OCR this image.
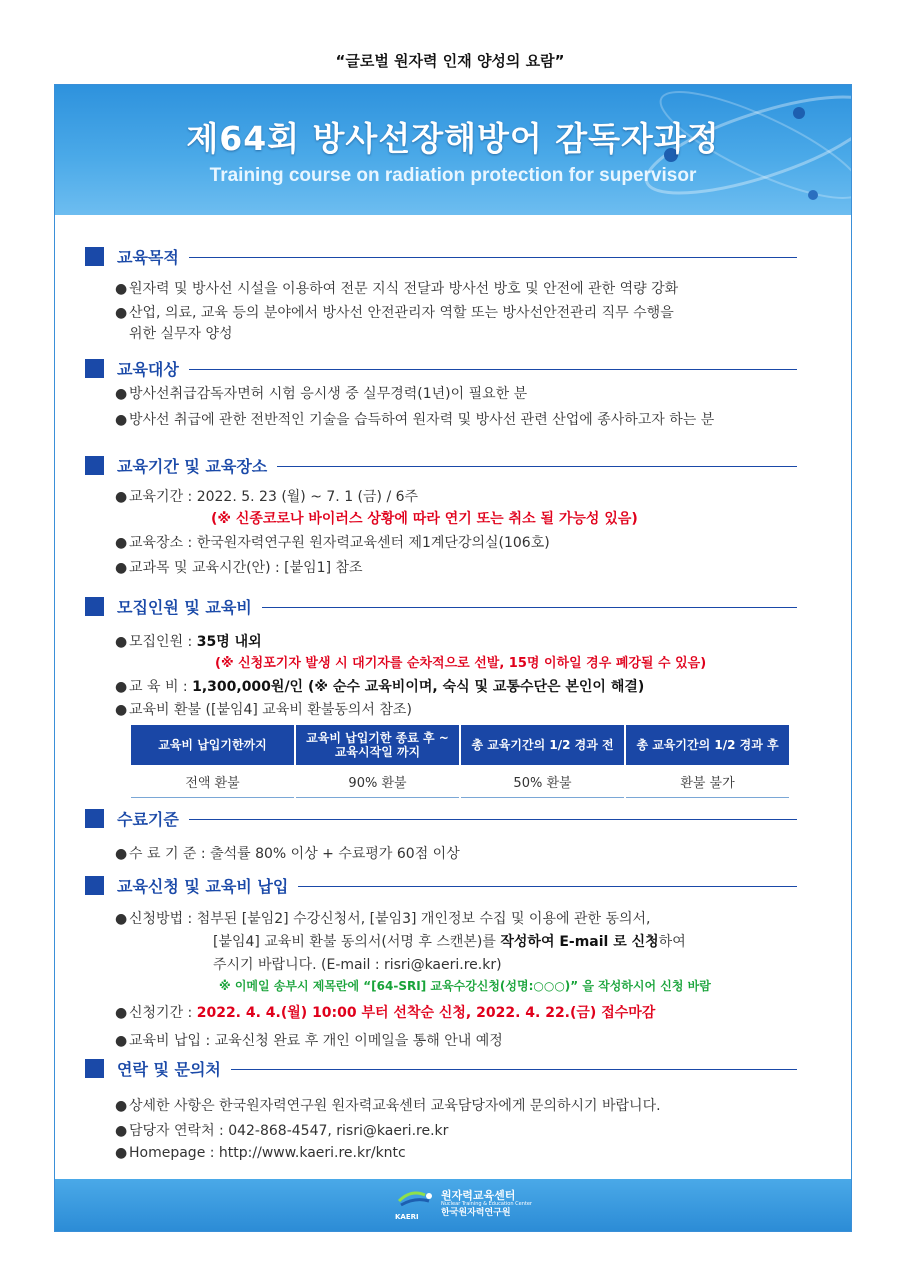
“글로벌 원자력 인재 양성의 요람”
제64회 방사선장해방어 감독자과정
Training course on radiation protection for supervisor
교육목적
● 원자력 및 방사선 시설을 이용하여 전문 지식 전달과 방사선 방호 및 안전에 관한 역량 강화
● 산업, 의료, 교육 등의 분야에서 방사선 안전관리자 역할 또는 방사선안전관리 직무 수행을
위한 실무자 양성
교육대상
● 방사선취급감독자면허 시험 응시생 중 실무경력(1년)이 필요한 분
● 방사선 취급에 관한 전반적인 기술을 습득하여 원자력 및 방사선 관련 산업에 종사하고자 하는 분
교육기간 및 교육장소
● 교육기간 : 2022. 5. 23 (월) ~ 7. 1 (금) / 6주
(※ 신종코로나 바이러스 상황에 따라 연기 또는 취소 될 가능성 있음)
● 교육장소 : 한국원자력연구원 원자력교육센터 제1계단강의실(106호)
● 교과목 및 교육시간(안) : [붙임1] 참조
모집인원 및 교육비
● 모집인원 : 35명 내외
(※ 신청포기자 발생 시 대기자를 순차적으로 선발, 15명 이하일 경우 폐강될 수 있음)
● 교 육 비 : 1,300,000원/인 (※ 순수 교육비이며, 숙식 및 교통수단은 본인이 해결)
● 교육비 환불 ([붙임4] 교육비 환불동의서 참조)
교육비 납입기한까지	교육비 납입기한 종료 후 ~ 교육시작일 까지	총 교육기간의 1/2 경과 전	총 교육기간의 1/2 경과 후
전액 환불	90% 환불	50% 환불	환불 불가
수료기준
● 수 료 기 준 : 출석률 80% 이상 + 수료평가 60점 이상
교육신청 및 교육비 납입
● 신청방법 : 첨부된 [붙임2] 수강신청서, [붙임3] 개인정보 수집 및 이용에 관한 동의서,
[붙임4] 교육비 환불 동의서(서명 후 스캔본)를 작성하여 E-mail 로 신청하여
주시기 바랍니다. (E-mail : risri@kaeri.re.kr)
※ 이메일 송부시 제목란에 “[64-SRI] 교육수강신청(성명:○○○)” 을 작성하시어 신청 바람
● 신청기간 : 2022. 4. 4.(월) 10:00 부터 선착순 신청, 2022. 4. 22.(금) 접수마감
● 교육비 납입 : 교육신청 완료 후 개인 이메일을 통해 안내 예정
연락 및 문의처
● 상세한 사항은 한국원자력연구원 원자력교육센터 교육담당자에게 문의하시기 바랍니다.
● 담당자 연락처 : 042-868-4547, risri@kaeri.re.kr
● Homepage : http://www.kaeri.re.kr/kntc
KAERI
원자력교육센터
Nuclear Training & Education Center
한국원자력연구원
